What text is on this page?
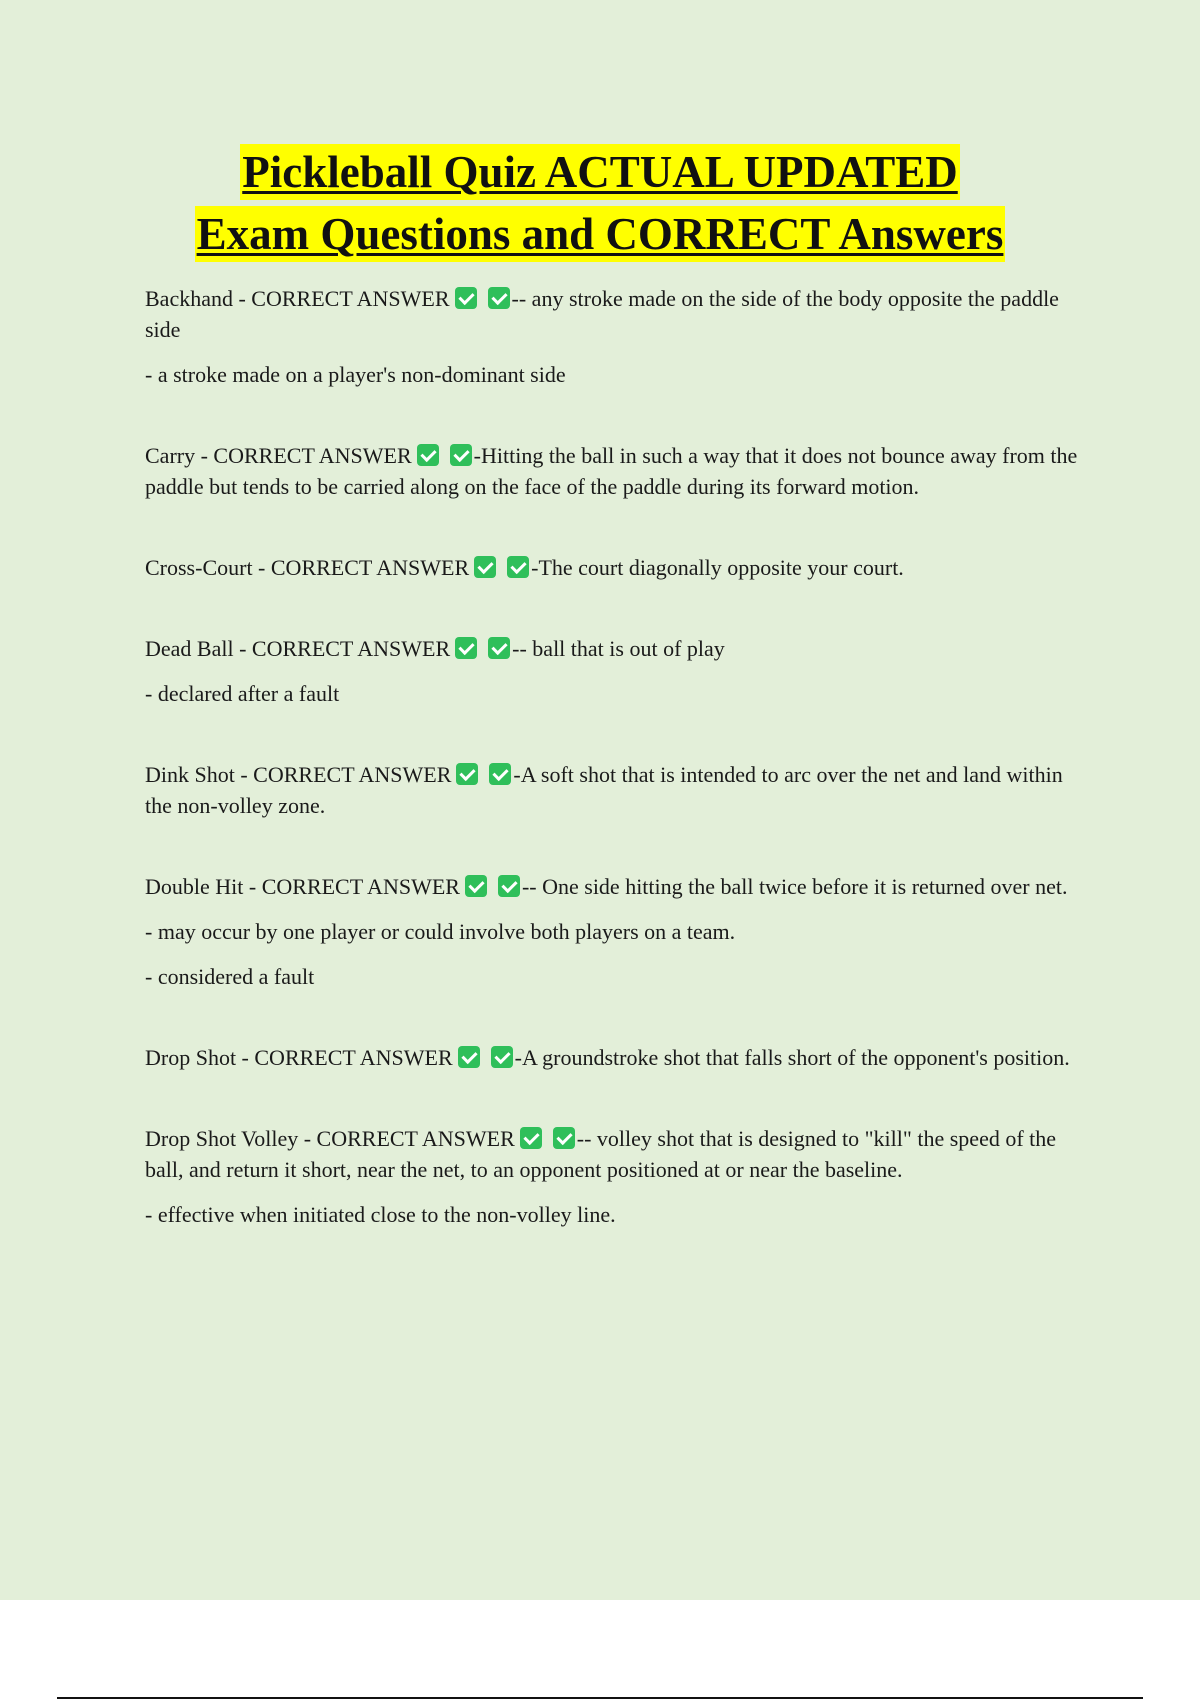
Pickleball Quiz ACTUAL UPDATED
Exam Questions and CORRECT Answers

Backhand - CORRECT ANSWER	-- any stroke made on the side of the body opposite the paddle side

- a stroke made on a player's non-dominant side

Carry - CORRECT ANSWER	-Hitting the ball in such a way that it does not bounce away from the paddle but tends to be carried along on the face of the paddle during its forward motion.

Cross-Court - CORRECT ANSWER	-The court diagonally opposite your court.

Dead Ball - CORRECT ANSWER	-- ball that is out of play

- declared after a fault

Dink Shot - CORRECT ANSWER	-A soft shot that is intended to arc over the net and land within the non-volley zone.

Double Hit - CORRECT ANSWER	-- One side hitting the ball twice before it is returned over net.

- may occur by one player or could involve both players on a team.

- considered a fault

Drop Shot - CORRECT ANSWER	-A groundstroke shot that falls short of the opponent's position.

Drop Shot Volley - CORRECT ANSWER	-- volley shot that is designed to "kill" the speed of the ball, and return it short, near the net, to an opponent positioned at or near the baseline.

- effective when initiated close to the non-volley line.
